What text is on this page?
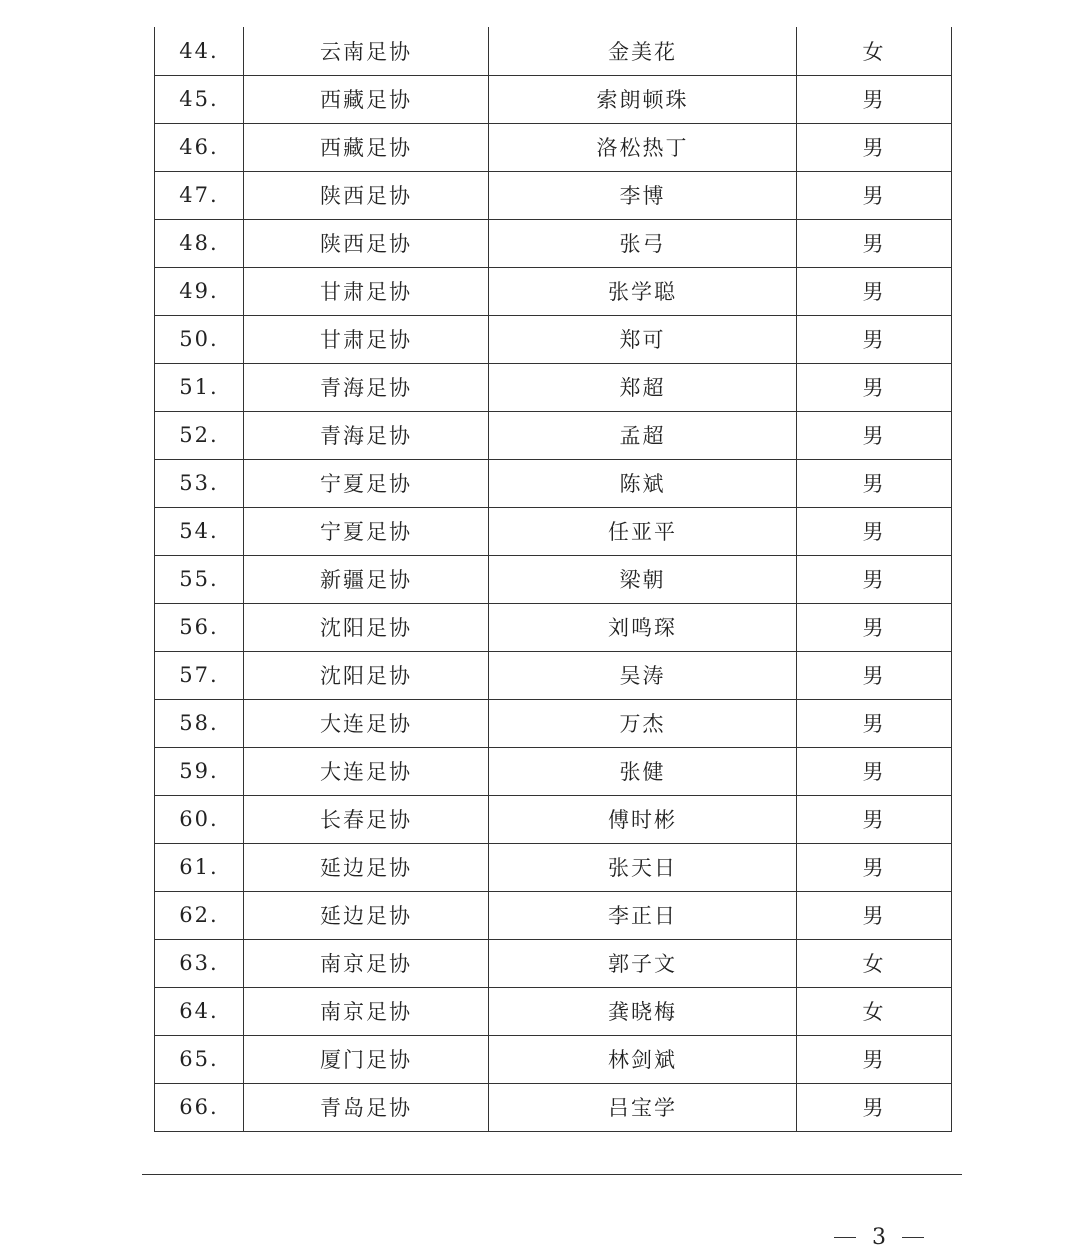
44.	云南足协	金美花	女
45.	西藏足协	索朗顿珠	男
46.	西藏足协	洛松热丁	男
47.	陕西足协	李博	男
48.	陕西足协	张弓	男
49.	甘肃足协	张学聪	男
50.	甘肃足协	郑可	男
51.	青海足协	郑超	男
52.	青海足协	孟超	男
53.	宁夏足协	陈斌	男
54.	宁夏足协	任亚平	男
55.	新疆足协	梁朝	男
56.	沈阳足协	刘鸣琛	男
57.	沈阳足协	吴涛	男
58.	大连足协	万杰	男
59.	大连足协	张健	男
60.	长春足协	傅时彬	男
61.	延边足协	张天日	男
62.	延边足协	李正日	男
63.	南京足协	郭子文	女
64.	南京足协	龚晓梅	女
65.	厦门足协	林剑斌	男
66.	青岛足协	吕宝学	男
3
